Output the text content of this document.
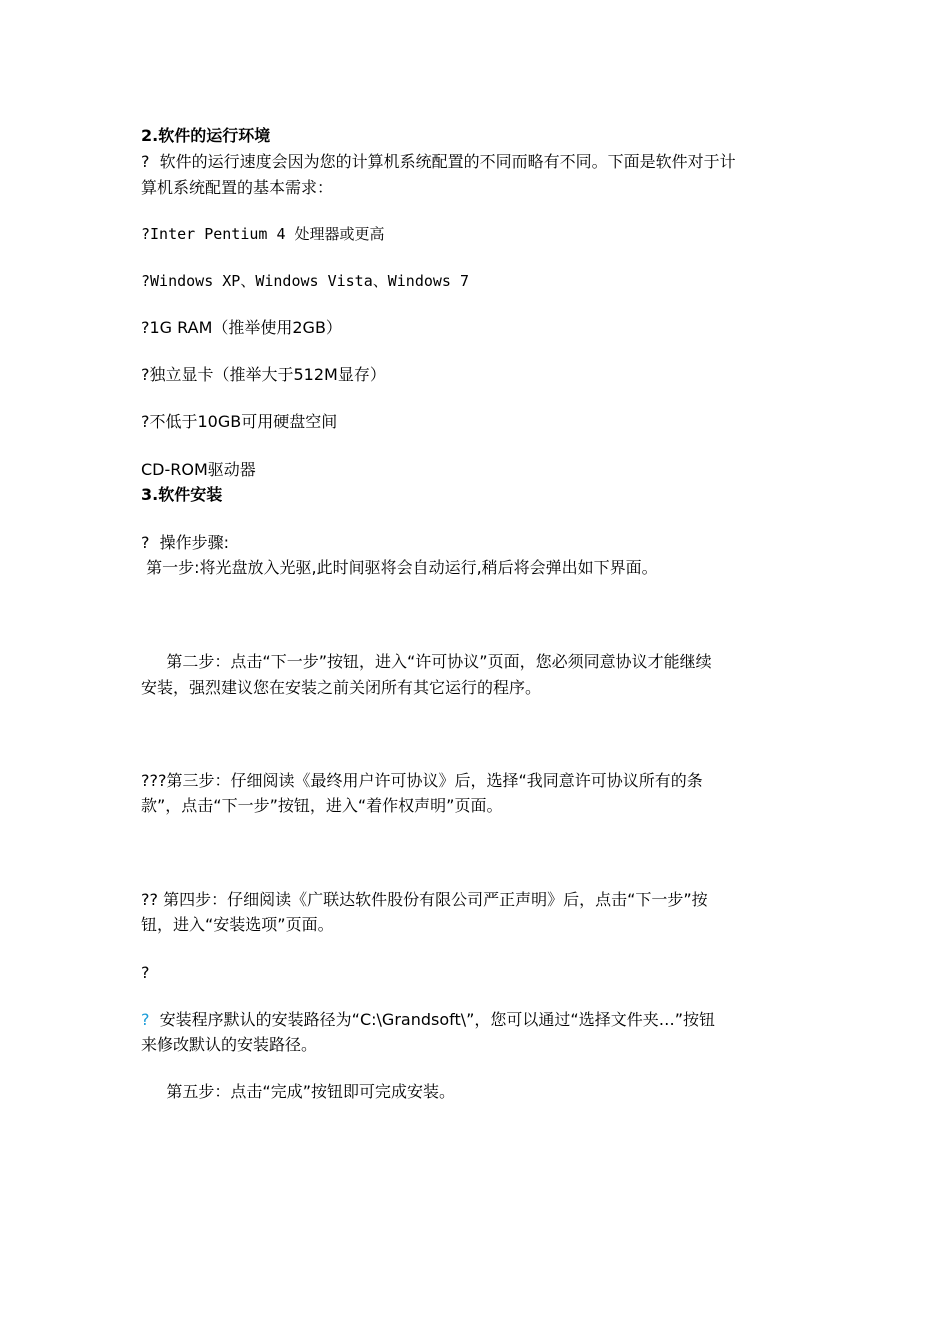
2.软件的运行环境
?  软件的运行速度会因为您的计算机系统配置的不同而略有不同。下面是软件对于计
算机系统配置的基本需求：
?Inter Pentium 4 处理器或更高
?Windows XP、Windows Vista、Windows 7
?1G RAM（推举使用2GB）
?独立显卡（推举大于512M显存）
?不低于10GB可用硬盘空间
CD-ROM驱动器
3.软件安装
?  操作步骤:
第一步:将光盘放入光驱,此时间驱将会自动运行,稍后将会弹出如下界面。
第二步：点击“下一步”按钮，进入“许可协议”页面，您必须同意协议才能继续
安装，强烈建议您在安装之前关闭所有其它运行的程序。
???第三步：仔细阅读《最终用户许可协议》后，选择“我同意许可协议所有的条
款”，点击“下一步”按钮，进入“着作权声明”页面。
?? 第四步：仔细阅读《广联达软件股份有限公司严正声明》后，点击“下一步”按
钮，进入“安装选项”页面。
?
?  安装程序默认的安装路径为“C:\Grandsoft\”，您可以通过“选择文件夹…”按钮
来修改默认的安装路径。
第五步：点击“完成”按钮即可完成安装。
